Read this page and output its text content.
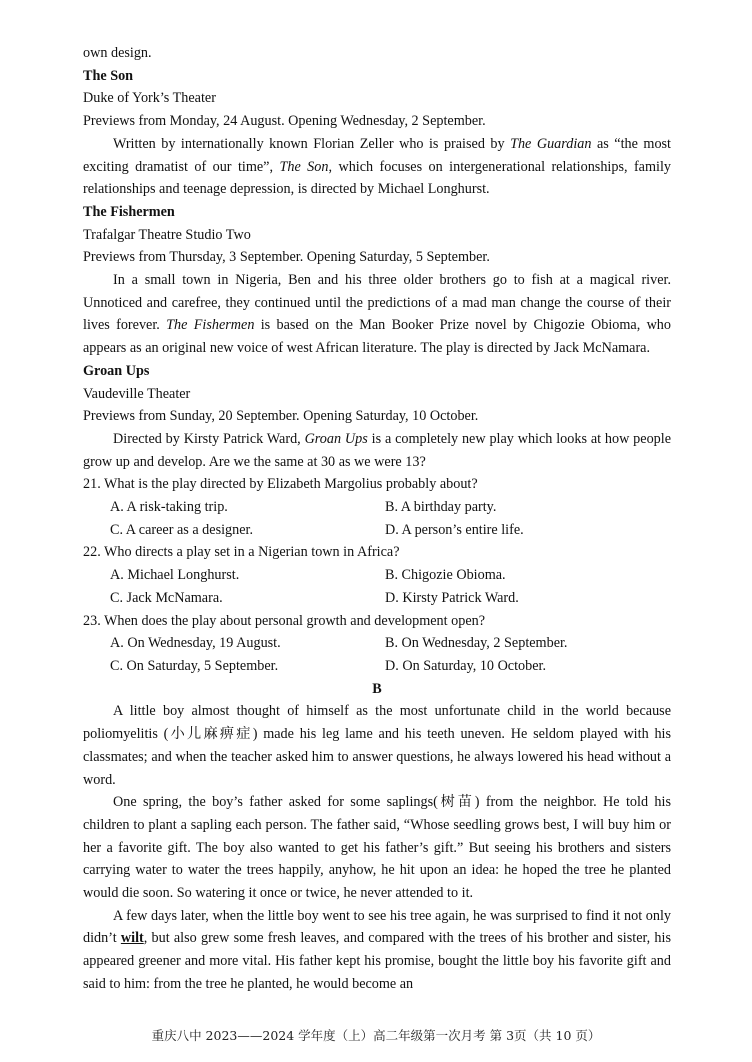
own design.
The Son
Duke of York’s Theater
Previews from Monday, 24 August. Opening Wednesday, 2 September.
Written by internationally known Florian Zeller who is praised by The Guardian as “the most exciting dramatist of our time”, The Son, which focuses on intergenerational relationships, family relationships and teenage depression, is directed by Michael Longhurst.
The Fishermen
Trafalgar Theatre Studio Two
Previews from Thursday, 3 September. Opening Saturday, 5 September.
In a small town in Nigeria, Ben and his three older brothers go to fish at a magical river. Unnoticed and carefree, they continued until the predictions of a mad man change the course of their lives forever. The Fishermen is based on the Man Booker Prize novel by Chigozie Obioma, who appears as an original new voice of west African literature. The play is directed by Jack McNamara.
Groan Ups
Vaudeville Theater
Previews from Sunday, 20 September. Opening Saturday, 10 October.
Directed by Kirsty Patrick Ward, Groan Ups is a completely new play which looks at how people grow up and develop. Are we the same at 30 as we were 13?
21. What is the play directed by Elizabeth Margolius probably about?
A. A risk-taking trip.	B. A birthday party.
C. A career as a designer.	D. A person’s entire life.
22. Who directs a play set in a Nigerian town in Africa?
A. Michael Longhurst.	B. Chigozie Obioma.
C. Jack McNamara.	D. Kirsty Patrick Ward.
23. When does the play about personal growth and development open?
A. On Wednesday, 19 August.	B. On Wednesday, 2 September.
C. On Saturday, 5 September.	D. On Saturday, 10 October.
B
A little boy almost thought of himself as the most unfortunate child in the world because poliomyelitis (小儿麻痹症) made his leg lame and his teeth uneven. He seldom played with his classmates; and when the teacher asked him to answer questions, he always lowered his head without a word.
One spring, the boy’s father asked for some saplings(树苗) from the neighbor. He told his children to plant a sapling each person. The father said, “Whose seedling grows best, I will buy him or her a favorite gift. The boy also wanted to get his father’s gift.” But seeing his brothers and sisters carrying water to water the trees happily, anyhow, he hit upon an idea: he hoped the tree he planted would die soon. So watering it once or twice, he never attended to it.
A few days later, when the little boy went to see his tree again, he was surprised to find it not only didn’t wilt, but also grew some fresh leaves, and compared with the trees of his brother and sister, his appeared greener and more vital. His father kept his promise, bought the little boy his favorite gift and said to him: from the tree he planted, he would become an
重庆八中 2023——2024 学年度（上）高二年级第一次月考 第 3页（共 10 页）
